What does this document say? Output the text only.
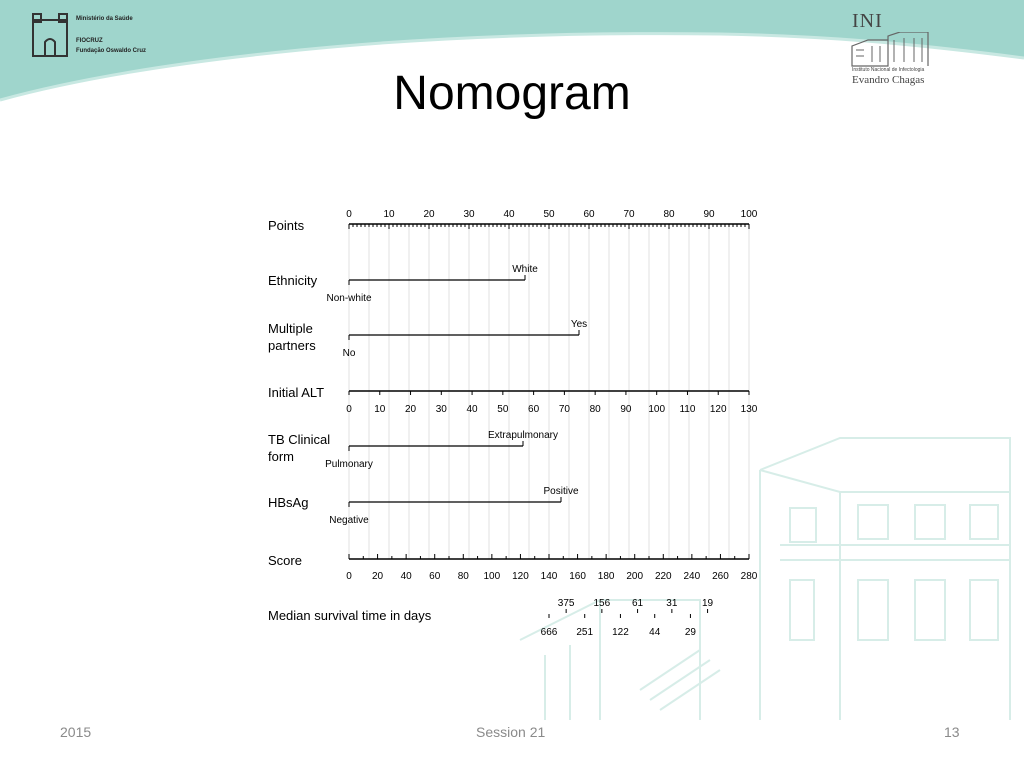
Ministério da Saúde
FIOCRUZ
Fundação Oswaldo Cruz
INI
Instituto Nacional de Infectologia
Evandro Chagas
Nomogram
Points
0	10	20	30	40	50	60	70	80	90	100
Ethnicity
Non-white
White
Multiple
partners
No
Yes
Initial ALT
0 10 20 30 40 50 60 70 80 90 100 110 120 130
TB Clinical
form
Pulmonary
Extrapulmonary
HBsAg
Negative
Positive
Score
0 20 40 60 80 100 120 140 160 180 200 220 240 260 280
Median survival time in days
375 156 61 31 19
666 251 122 44 29
2015	Session 21	13
